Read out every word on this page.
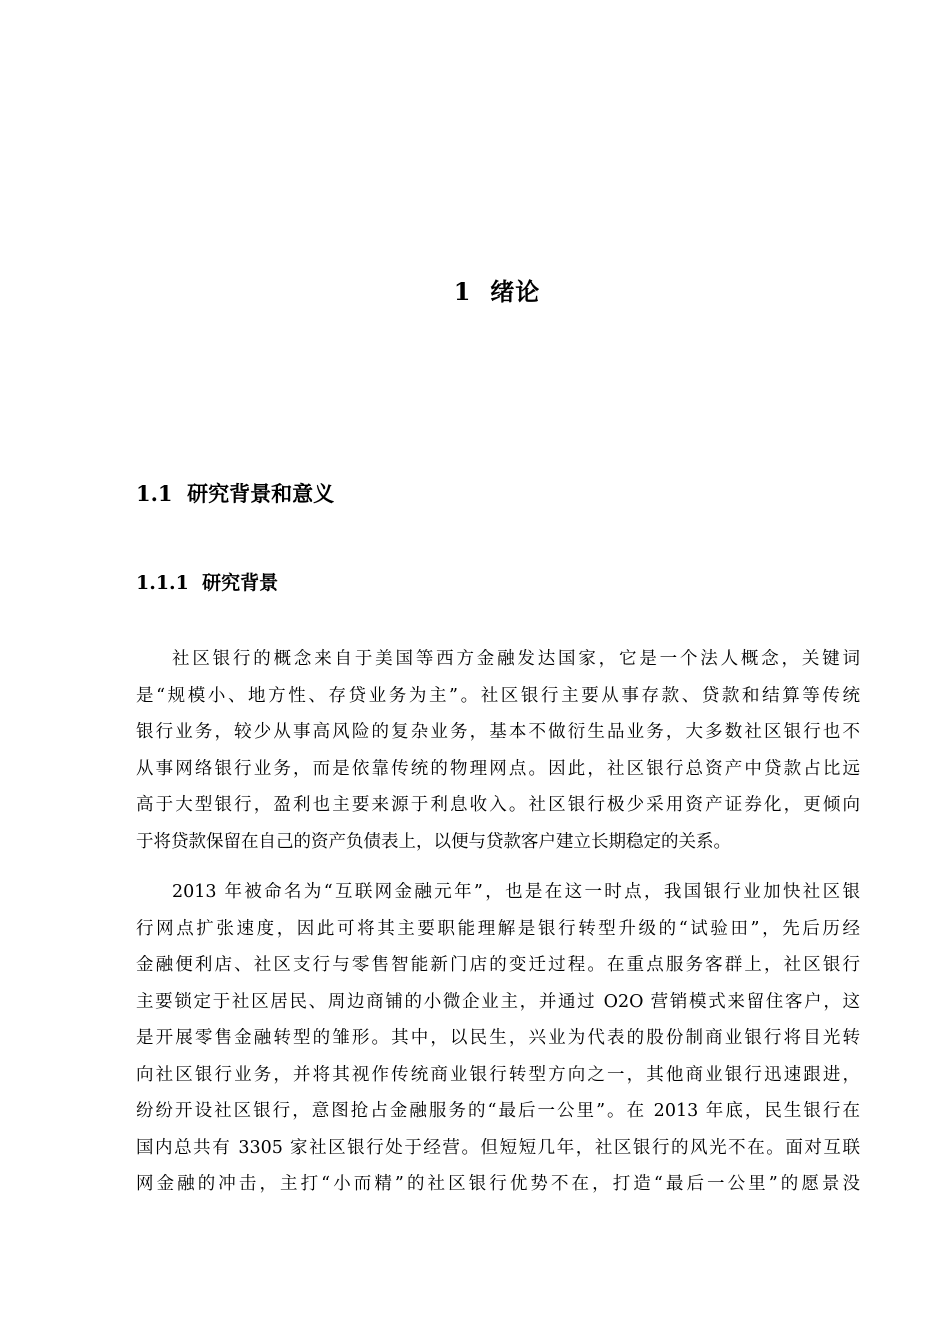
1  绪论
1.1  研究背景和意义
1.1.1  研究背景
社区银行的概念来自于美国等西方金融发达国家，它是一个法人概念，关键词
是“规模小、地方性、存贷业务为主”。社区银行主要从事存款、贷款和结算等传统
银行业务，较少从事高风险的复杂业务，基本不做衍生品业务，大多数社区银行也不
从事网络银行业务，而是依靠传统的物理网点。因此，社区银行总资产中贷款占比远
高于大型银行，盈利也主要来源于利息收入。社区银行极少采用资产证券化，更倾向
于将贷款保留在自己的资产负债表上，以便与贷款客户建立长期稳定的关系。
2013 年被命名为“互联网金融元年”，也是在这一时点，我国银行业加快社区银
行网点扩张速度，因此可将其主要职能理解是银行转型升级的“试验田”，先后历经
金融便利店、社区支行与零售智能新门店的变迁过程。在重点服务客群上，社区银行
主要锁定于社区居民、周边商铺的小微企业主，并通过 O2O 营销模式来留住客户，这
是开展零售金融转型的雏形。其中，以民生，兴业为代表的股份制商业银行将目光转
向社区银行业务，并将其视作传统商业银行转型方向之一，其他商业银行迅速跟进，
纷纷开设社区银行，意图抢占金融服务的“最后一公里”。在 2013 年底，民生银行在
国内总共有 3305 家社区银行处于经营。但短短几年，社区银行的风光不在。面对互联
网金融的冲击，主打“小而精”的社区银行优势不在，打造“最后一公里”的愿景没
